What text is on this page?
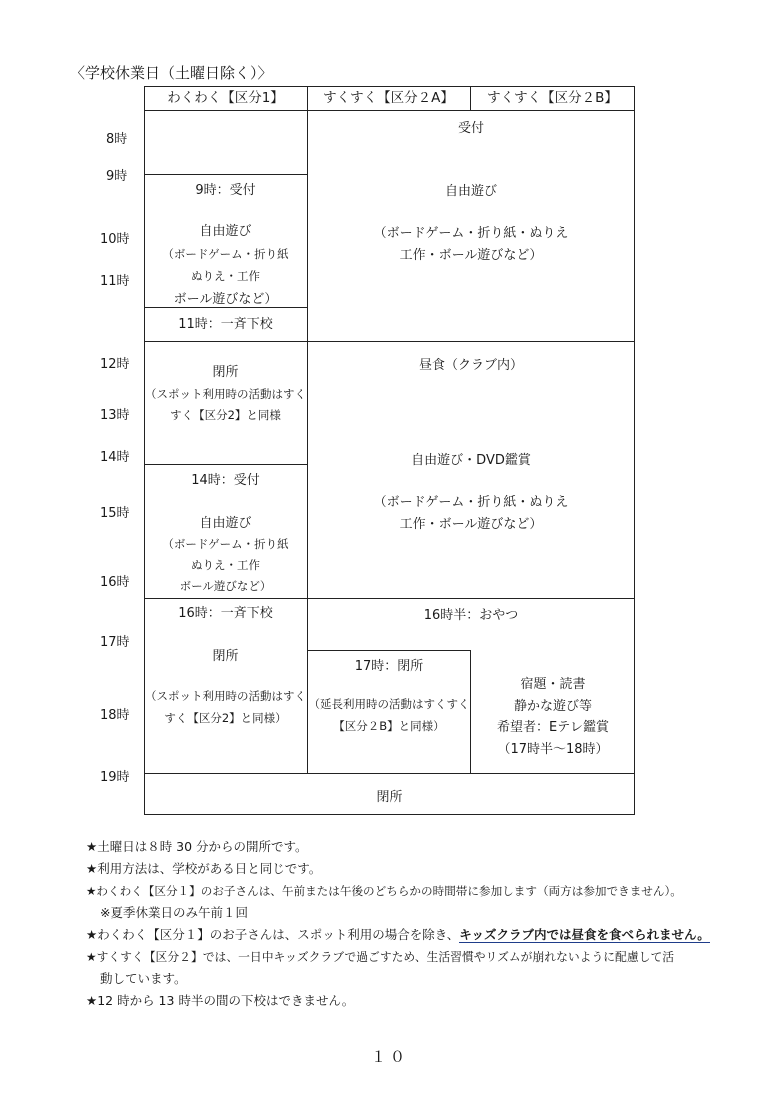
〈学校休業日（土曜日除く）〉
8時
9時
10時
11時
12時
13時
14時
15時
16時
17時
18時
19時
わくわく【区分1】	すくすく【区分２A】	すくすく【区分２B】
閉所
9時：受付
自由遊び
（ボードゲーム・折り紙
ぬりえ・工作
ボール遊びなど）
11時：一斉下校
閉所
（スポット利用時の活動はすく
すく【区分2】と同様
14時：受付
自由遊び
（ボードゲーム・折り紙
ぬりえ・工作
ボール遊びなど）
16時：一斉下校
閉所
（スポット利用時の活動はすく
すく【区分2】と同様）
受付
自由遊び
（ボードゲーム・折り紙・ぬりえ
工作・ボール遊びなど）
昼食（クラブ内）
自由遊び・DVD鑑賞
（ボードゲーム・折り紙・ぬりえ
工作・ボール遊びなど）
16時半：おやつ
17時：閉所
（延長利用時の活動はすくすく
【区分２B】と同様）
宿題・読書
静かな遊び等
希望者：Eテレ鑑賞
（17時半～18時）
★土曜日は８時 30 分からの開所です。
★利用方法は、学校がある日と同じです。
★わくわく【区分１】のお子さんは、午前または午後のどちらかの時間帯に参加します（両方は参加できません）。
※夏季休業日のみ午前１回
★わくわく【区分１】のお子さんは、スポット利用の場合を除き、キッズクラブ内では昼食を食べられません。
★すくすく【区分２】では、一日中キッズクラブで過ごすため、生活習慣やリズムが崩れないように配慮して活
動しています。
★12 時から 13 時半の間の下校はできません。
１０
